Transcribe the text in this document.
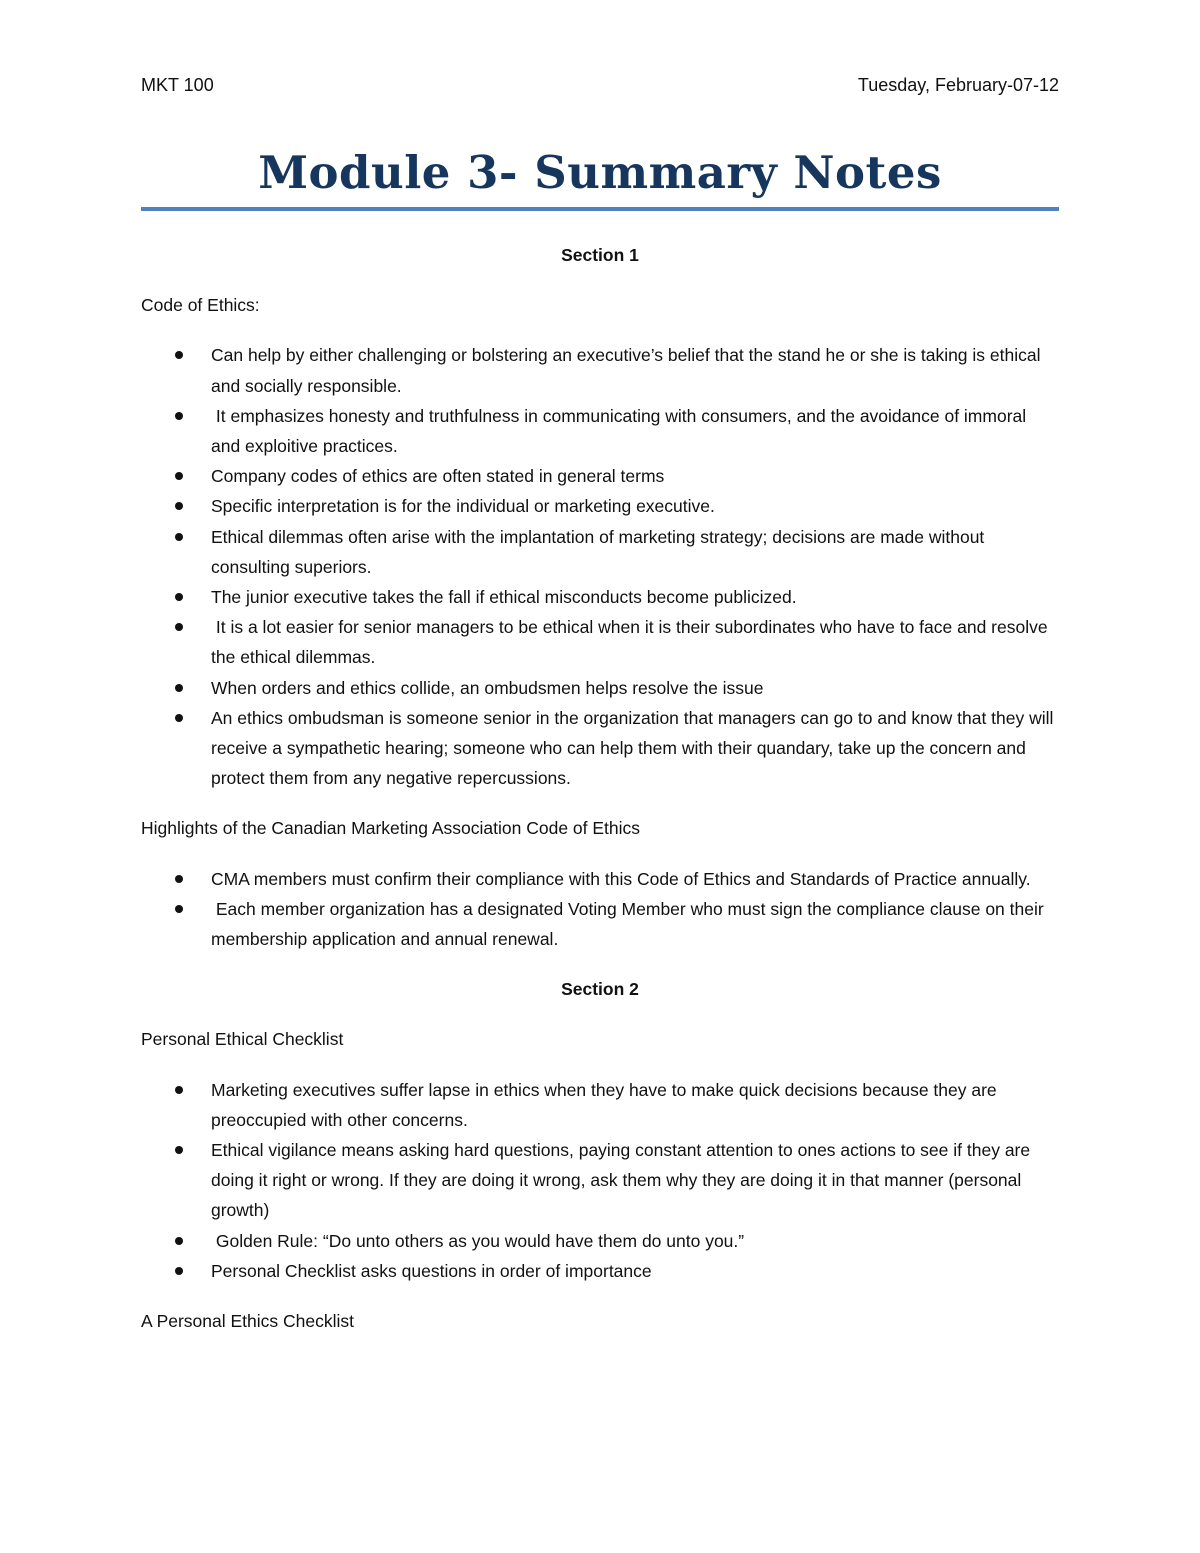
MKT 100	Tuesday, February-07-12
Module 3- Summary Notes
Section 1
Code of Ethics:
Can help by either challenging or bolstering an executive’s belief that the stand he or she is taking is ethical and socially responsible.
It emphasizes honesty and truthfulness in communicating with consumers, and the avoidance of immoral and exploitive practices.
Company codes of ethics are often stated in general terms
Specific interpretation is for the individual or marketing executive.
Ethical dilemmas often arise with the implantation of marketing strategy; decisions are made without consulting superiors.
The junior executive takes the fall if ethical misconducts become publicized.
It is a lot easier for senior managers to be ethical when it is their subordinates who have to face and resolve the ethical dilemmas.
When orders and ethics collide, an ombudsmen helps resolve the issue
An ethics ombudsman is someone senior in the organization that managers can go to and know that they will receive a sympathetic hearing; someone who can help them with their quandary, take up the concern and protect them from any negative repercussions.
Highlights of the Canadian Marketing Association Code of Ethics
CMA members must confirm their compliance with this Code of Ethics and Standards of Practice annually.
Each member organization has a designated Voting Member who must sign the compliance clause on their membership application and annual renewal.
Section 2
Personal Ethical Checklist
Marketing executives suffer lapse in ethics when they have to make quick decisions because they are preoccupied with other concerns.
Ethical vigilance means asking hard questions, paying constant attention to ones actions to see if they are doing it right or wrong. If they are doing it wrong, ask them why they are doing it in that manner (personal growth)
Golden Rule: “Do unto others as you would have them do unto you.”
Personal Checklist asks questions in order of importance
A Personal Ethics Checklist
